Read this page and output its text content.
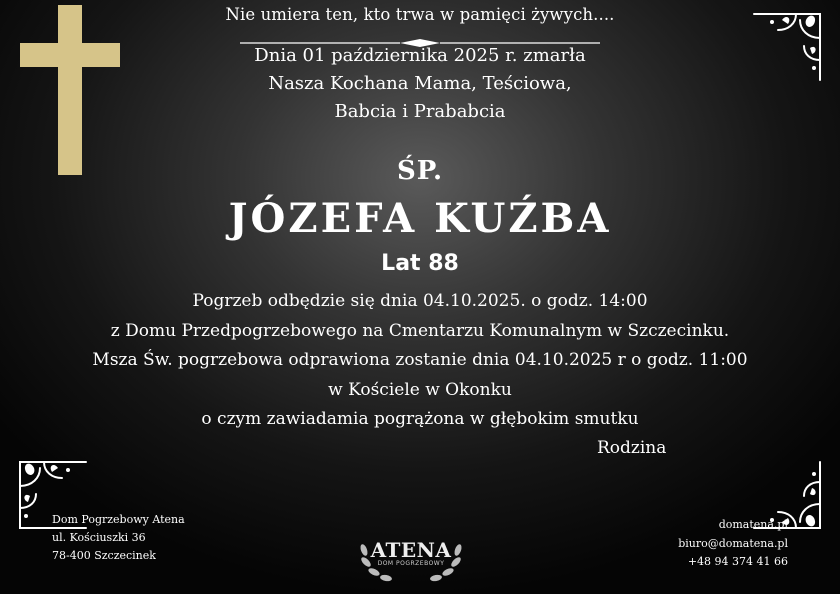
Nie umiera ten, kto trwa w pamięci żywych....
Dnia 01 października 2025 r. zmarła
Nasza Kochana Mama, Teściowa,
Babcia i Prababcia
ŚP.
JÓZEFA KUŹBA
Lat 88
Pogrzeb odbędzie się dnia 04.10.2025. o godz. 14:00
z Domu Przedpogrzebowego na Cmentarzu Komunalnym w Szczecinku.
Msza Św. pogrzebowa odprawiona zostanie dnia 04.10.2025 r o godz. 11:00
w Kościele w Okonku
o czym zawiadamia pogrążona w głębokim smutku
Rodzina
Dom Pogrzebowy Atena
ul. Kościuszki 36
78-400 Szczecinek
domatena.pl
biuro@domatena.pl
+48 94 374 41 66
ATENA
DOM POGRZEBOWY
